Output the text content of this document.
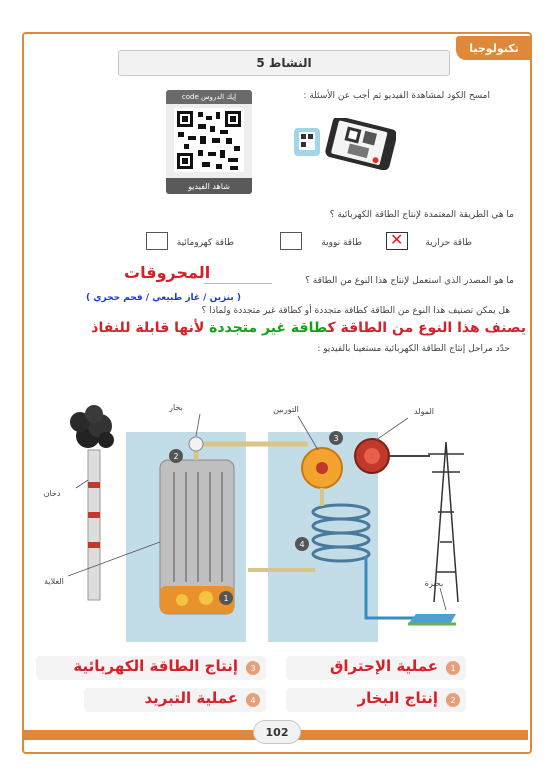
تكنولوجيا
النشاط 5
امسح الكود لمشاهدة الفيديو ثم أجب عن الأسئلة :
code إيك الدروس
شاهد الفيديو
ما هي الطريقة المعتمدة لإنتاج الطاقة الكهربائية ؟
طاقة حرارية
✕
طاقة نووية
طاقة كهرومائية
ما هو المصدر الذي استعمل لإنتاج هذا النوع من الطاقة ؟
المحروقات
( بنزين / غاز طبيعي / فحم حجري )
هل يمكن تصنيف هذا النوع من الطاقة كطاقة متجددة أو كطاقة غير متجددة ولماذا ؟
يصنف هذا النوع من الطاقة كطاقة غير متجددة لأنها قابلة للنفاذ
حدّد مراحل إنتاج الطاقة الكهربائية مستعينا بالفيديو :
2
3
4
1
بخار	التوربين	المولد
دخان
الغلاية	بحيرة
1
عملية الإحتراق
2
إنتاج البخار
3
إنتاج الطاقة الكهربائية
4
عملية التبريد
102
